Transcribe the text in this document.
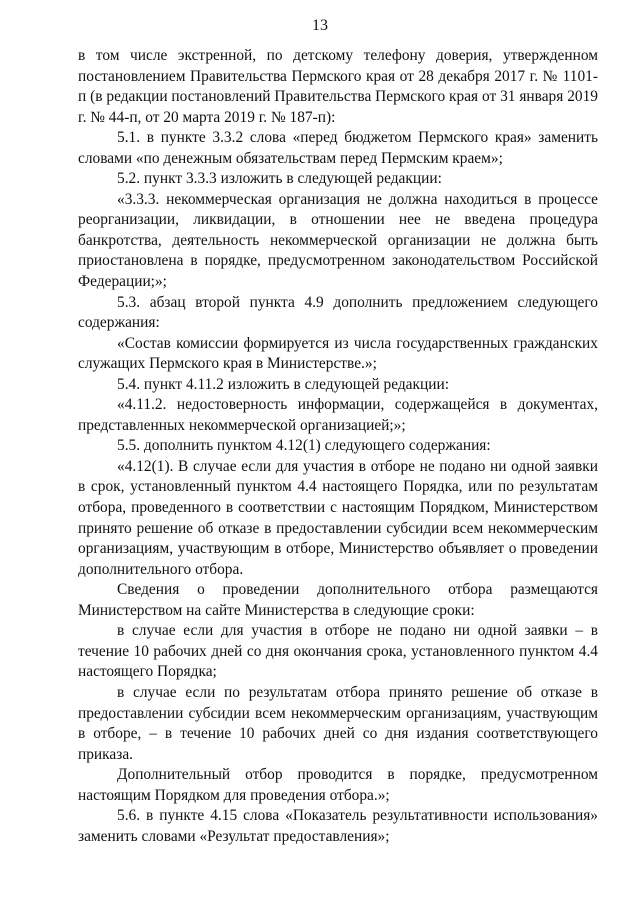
13

в том числе экстренной, по детскому телефону доверия, утвержденном постановлением Правительства Пермского края от 28 декабря 2017 г. № 1101-п (в редакции постановлений Правительства Пермского края от 31 января 2019 г. № 44-п, от 20 марта 2019 г. № 187-п):

5.1. в пункте 3.3.2 слова «перед бюджетом Пермского края» заменить словами «по денежным обязательствам перед Пермским краем»;

5.2. пункт 3.3.3 изложить в следующей редакции:

«3.3.3. некоммерческая организация не должна находиться в процессе реорганизации, ликвидации, в отношении нее не введена процедура банкротства, деятельность некоммерческой организации не должна быть приостановлена в порядке, предусмотренном законодательством Российской Федерации;»;

5.3. абзац второй пункта 4.9 дополнить предложением следующего содержания:

«Состав комиссии формируется из числа государственных гражданских служащих Пермского края в Министерстве.»;

5.4. пункт 4.11.2 изложить в следующей редакции:

«4.11.2. недостоверность информации, содержащейся в документах, представленных некоммерческой организацией;»;

5.5. дополнить пунктом 4.12(1) следующего содержания:

«4.12(1). В случае если для участия в отборе не подано ни одной заявки в срок, установленный пунктом 4.4 настоящего Порядка, или по результатам отбора, проведенного в соответствии с настоящим Порядком, Министерством принято решение об отказе в предоставлении субсидии всем некоммерческим организациям, участвующим в отборе, Министерство объявляет о проведении дополнительного отбора.

Сведения о проведении дополнительного отбора размещаются Министерством на сайте Министерства в следующие сроки:

в случае если для участия в отборе не подано ни одной заявки – в течение 10 рабочих дней со дня окончания срока, установленного пунктом 4.4 настоящего Порядка;

в случае если по результатам отбора принято решение об отказе в предоставлении субсидии всем некоммерческим организациям, участвующим в отборе, – в течение 10 рабочих дней со дня издания соответствующего приказа.

Дополнительный отбор проводится в порядке, предусмотренном настоящим Порядком для проведения отбора.»;

5.6. в пункте 4.15 слова «Показатель результативности использования» заменить словами «Результат предоставления»;
